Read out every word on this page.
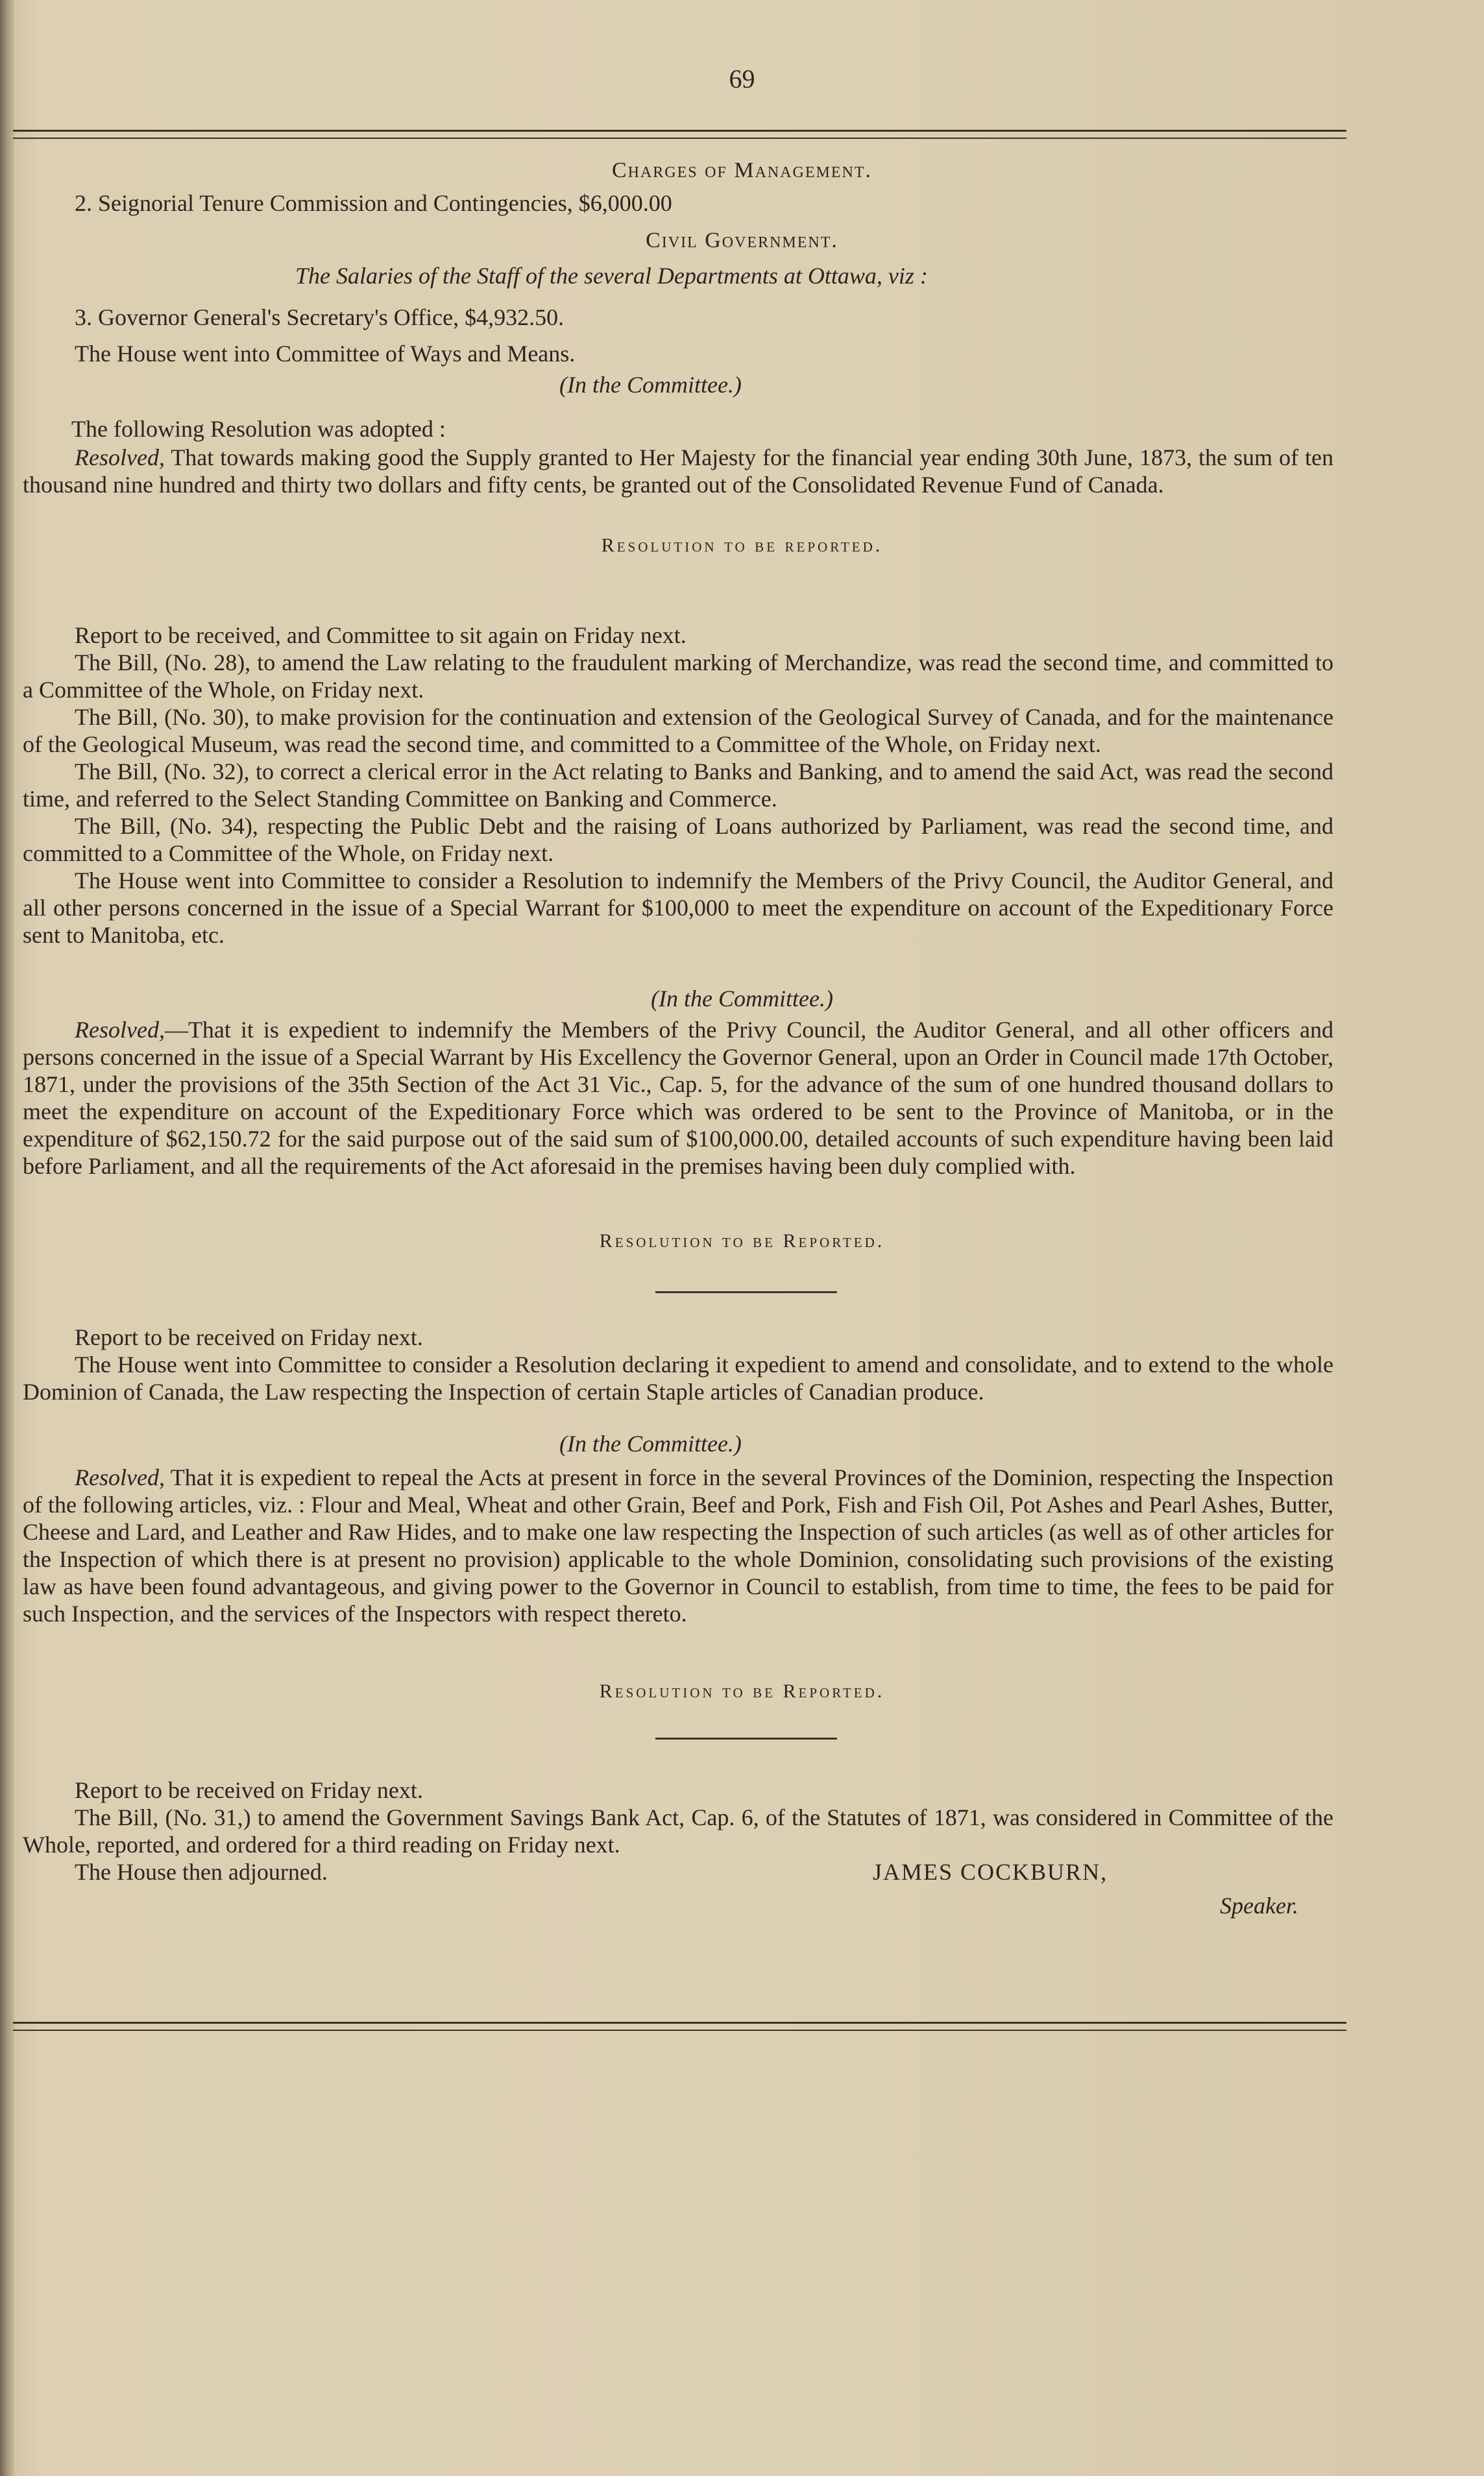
69
Charges of Management.
2. Seignorial Tenure Commission and Contingencies, $6,000.00
Civil Government.
The Salaries of the Staff of the several Departments at Ottawa, viz :
3. Governor General's Secretary's Office, $4,932.50.
The House went into Committee of Ways and Means.
(In the Committee.)
The following Resolution was adopted :

Resolved, That towards making good the Supply granted to Her Majesty for the financial year ending 30th June, 1873, the sum of ten thousand nine hundred and thirty two dollars and fifty cents, be granted out of the Consolidated Revenue Fund of Canada.

Resolution to be reported.

Report to be received, and Committee to sit again on Friday next.

The Bill, (No. 28), to amend the Law relating to the fraudulent marking of Merchandize, was read the second time, and committed to a Committee of the Whole, on Friday next.

The Bill, (No. 30), to make provision for the continuation and extension of the Geological Survey of Canada, and for the maintenance of the Geological Museum, was read the second time, and committed to a Committee of the Whole, on Friday next.

The Bill, (No. 32), to correct a clerical error in the Act relating to Banks and Banking, and to amend the said Act, was read the second time, and referred to the Select Standing Committee on Banking and Commerce.

The Bill, (No. 34), respecting the Public Debt and the raising of Loans authorized by Parliament, was read the second time, and committed to a Committee of the Whole, on Friday next.

The House went into Committee to consider a Resolution to indemnify the Members of the Privy Council, the Auditor General, and all other persons concerned in the issue of a Special Warrant for $100,000 to meet the expenditure on account of the Expeditionary Force sent to Manitoba, etc.

(In the Committee.)

Resolved,—That it is expedient to indemnify the Members of the Privy Council, the Auditor General, and all other officers and persons concerned in the issue of a Special Warrant by His Excellency the Governor General, upon an Order in Council made 17th October, 1871, under the provisions of the 35th Section of the Act 31 Vic., Cap. 5, for the advance of the sum of one hundred thousand dollars to meet the expenditure on account of the Expeditionary Force which was ordered to be sent to the Province of Manitoba, or in the expenditure of $62,150.72 for the said purpose out of the said sum of $100,000.00, detailed accounts of such expenditure having been laid before Parliament, and all the requirements of the Act aforesaid in the premises having been duly complied with.

Resolution to be Reported.

Report to be received on Friday next.

The House went into Committee to consider a Resolution declaring it expedient to amend and consolidate, and to extend to the whole Dominion of Canada, the Law respecting the Inspection of certain Staple articles of Canadian produce.

(In the Committee.)

Resolved, That it is expedient to repeal the Acts at present in force in the several Provinces of the Dominion, respecting the Inspection of the following articles, viz. : Flour and Meal, Wheat and other Grain, Beef and Pork, Fish and Fish Oil, Pot Ashes and Pearl Ashes, Butter, Cheese and Lard, and Leather and Raw Hides, and to make one law respecting the Inspection of such articles (as well as of other articles for the Inspection of which there is at present no provision) applicable to the whole Dominion, consolidating such provisions of the existing law as have been found advantageous, and giving power to the Governor in Council to establish, from time to time, the fees to be paid for such Inspection, and the services of the Inspectors with respect thereto.

Resolution to be Reported.

Report to be received on Friday next.

The Bill, (No. 31,) to amend the Government Savings Bank Act, Cap. 6, of the Statutes of 1871, was considered in Committee of the Whole, reported, and ordered for a third reading on Friday next.

The House then adjourned.	JAMES COCKBURN,
Speaker.
